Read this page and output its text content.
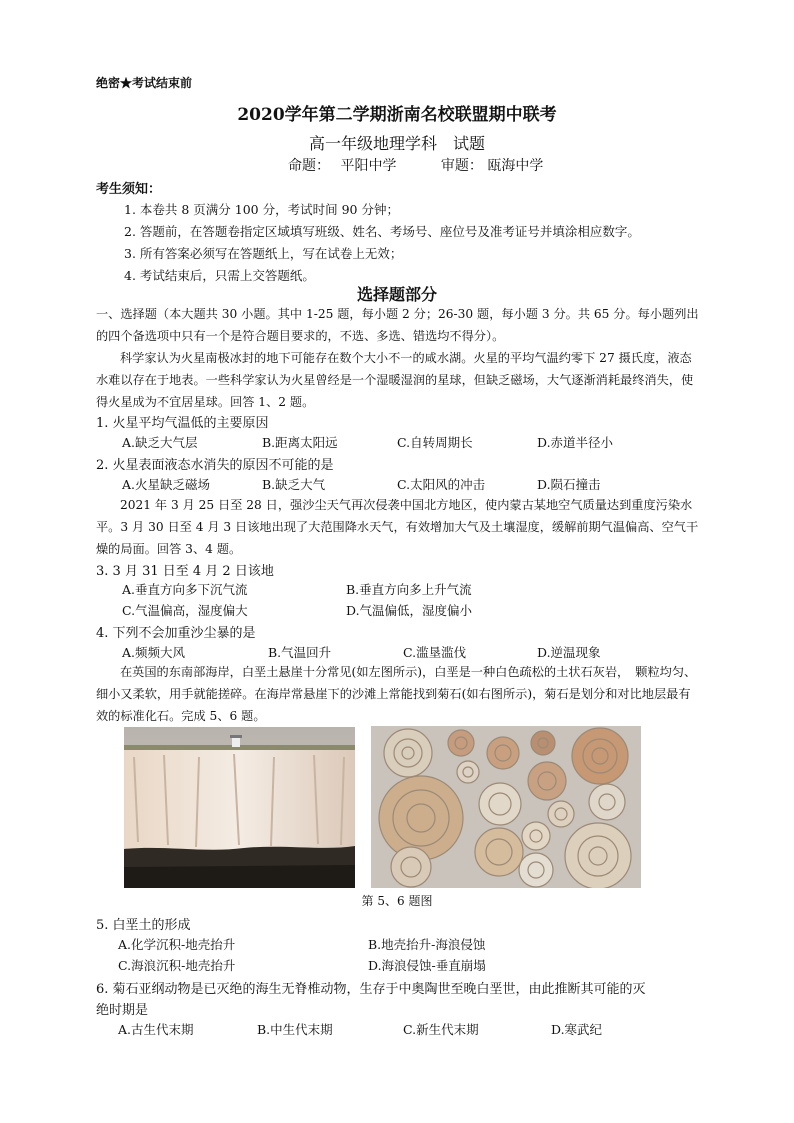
绝密★考试结束前
2020学年第二学期浙南名校联盟期中联考
高一年级地理学科　试题
命题： 平阳中学	审题： 瓯海中学
考生须知：
1. 本卷共 8 页满分 100 分，考试时间 90 分钟；
2. 答题前，在答题卷指定区域填写班级、姓名、考场号、座位号及准考证号并填涂相应数字。
3. 所有答案必须写在答题纸上，写在试卷上无效；
4. 考试结束后，只需上交答题纸。
选择题部分
一、选择题（本大题共 30 小题。其中 1-25 题，每小题 2 分；26-30 题，每小题 3 分。共 65 分。每小题列出的四个备选项中只有一个是符合题目要求的，不选、多选、错选均不得分）。
科学家认为火星南极冰封的地下可能存在数个大小不一的咸水湖。火星的平均气温约零下 27 摄氏度，液态水难以存在于地表。一些科学家认为火星曾经是一个湿暖湿润的星球，但缺乏磁场，大气逐渐消耗最终消失，使得火星成为不宜居星球。回答 1、2 题。
1. 火星平均气温低的主要原因
A.缺乏大气层	B.距离太阳远	C.自转周期长	D.赤道半径小
2. 火星表面液态水消失的原因不可能的是
A.火星缺乏磁场	B.缺乏大气	C.太阳风的冲击	D.陨石撞击
2021 年 3 月 25 日至 28 日，强沙尘天气再次侵袭中国北方地区，使内蒙古某地空气质量达到重度污染水平。3 月 30 日至 4 月 3 日该地出现了大范围降水天气，有效增加大气及土壤湿度，缓解前期气温偏高、空气干燥的局面。回答 3、4 题。
3. 3 月 31 日至 4 月 2 日该地
A.垂直方向多下沉气流	B.垂直方向多上升气流
C.气温偏高，湿度偏大	D.气温偏低，湿度偏小
4. 下列不会加重沙尘暴的是
A.频频大风	B.气温回升	C.滥垦滥伐	D.逆温现象
在英国的东南部海岸，白垩土悬崖十分常见(如左图所示)，白垩是一种白色疏松的土状石灰岩，　颗粒均匀、细小又柔软，用手就能搓碎。在海岸常悬崖下的沙滩上常能找到菊石(如右图所示)，菊石是划分和对比地层最有效的标准化石。完成 5、6 题。
第 5、6 题图
5. 白垩土的形成
A.化学沉积-地壳抬升	B.地壳抬升-海浪侵蚀
C.海浪沉积-地壳抬升	D.海浪侵蚀-垂直崩塌
6. 菊石亚纲动物是已灭绝的海生无脊椎动物，生存于中奥陶世至晚白垩世，由此推断其可能的灭
绝时期是
A.古生代末期	B.中生代末期	C.新生代末期	D.寒武纪
